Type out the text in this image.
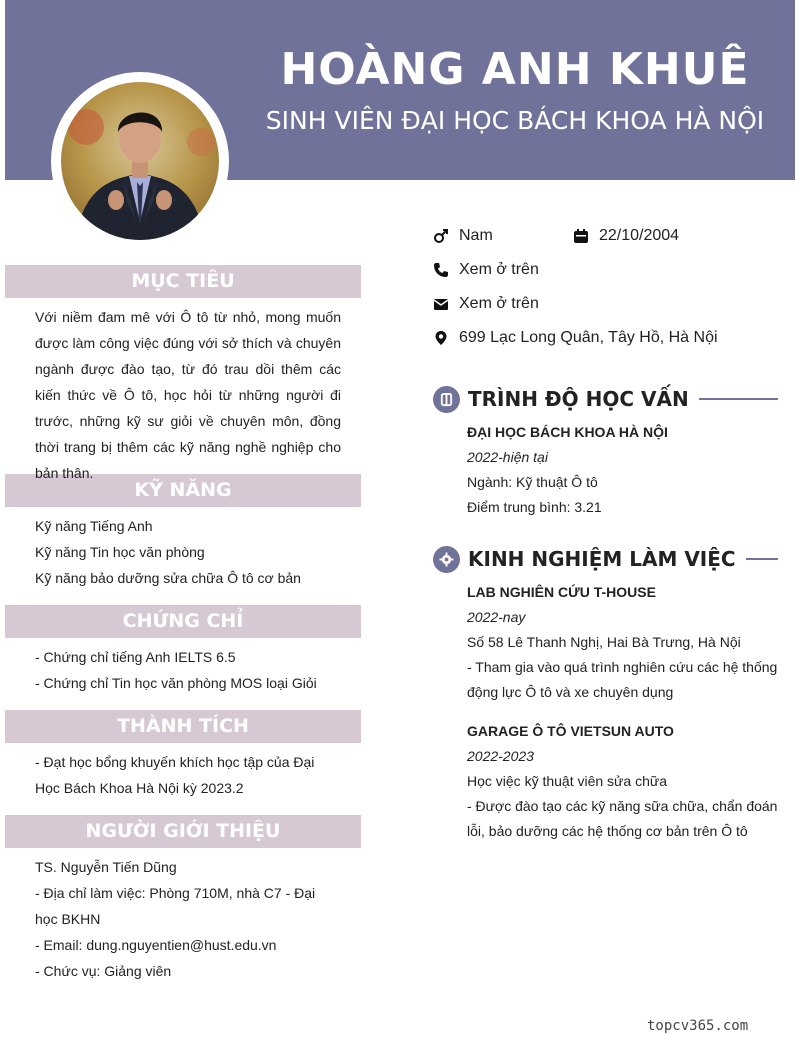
HOÀNG ANH KHUÊ
SINH VIÊN ĐẠI HỌC BÁCH KHOA HÀ NỘI
MỤC TIÊU
Với niềm đam mê với Ô tô từ nhỏ, mong muốn được làm công việc đúng với sở thích và chuyên ngành được đào tạo, từ đó trau dồi thêm các kiến thức về Ô tô, học hỏi từ những người đi trước, những kỹ sư giỏi về chuyên môn, đồng thời trang bị thêm các kỹ năng nghề nghiệp cho bản thân.
KỸ NĂNG
Kỹ năng Tiếng Anh
Kỹ năng Tin học văn phòng
Kỹ năng bảo dưỡng sửa chữa Ô tô cơ bản
CHỨNG CHỈ
- Chứng chỉ tiếng Anh IELTS 6.5
- Chứng chỉ Tin học văn phòng MOS loại Giỏi
THÀNH TÍCH
- Đạt học bổng khuyến khích học tập của Đại Học Bách Khoa Hà Nội kỳ 2023.2
NGƯỜI GIỚI THIỆU
TS. Nguyễn Tiến Dũng
- Địa chỉ làm việc: Phòng 710M, nhà C7 - Đại học BKHN
- Email: dung.nguyentien@hust.edu.vn
- Chức vụ: Giảng viên
Nam	22/10/2004
Xem ở trên
Xem ở trên
699 Lạc Long Quân, Tây Hồ, Hà Nội
TRÌNH ĐỘ HỌC VẤN
ĐẠI HỌC BÁCH KHOA HÀ NỘI
2022-hiện tại
Ngành: Kỹ thuật Ô tô
Điểm trung bình: 3.21
KINH NGHIỆM LÀM VIỆC
LAB NGHIÊN CỨU T-HOUSE
2022-nay
Số 58 Lê Thanh Nghị, Hai Bà Trưng, Hà Nội
- Tham gia vào quá trình nghiên cứu các hệ thống động lực Ô tô và xe chuyên dụng
GARAGE Ô TÔ VIETSUN AUTO
2022-2023
Học việc kỹ thuật viên sửa chữa
- Được đào tạo các kỹ năng sữa chữa, chẩn đoán lỗi, bảo dưỡng các hệ thống cơ bản trên Ô tô
topcv365.com
